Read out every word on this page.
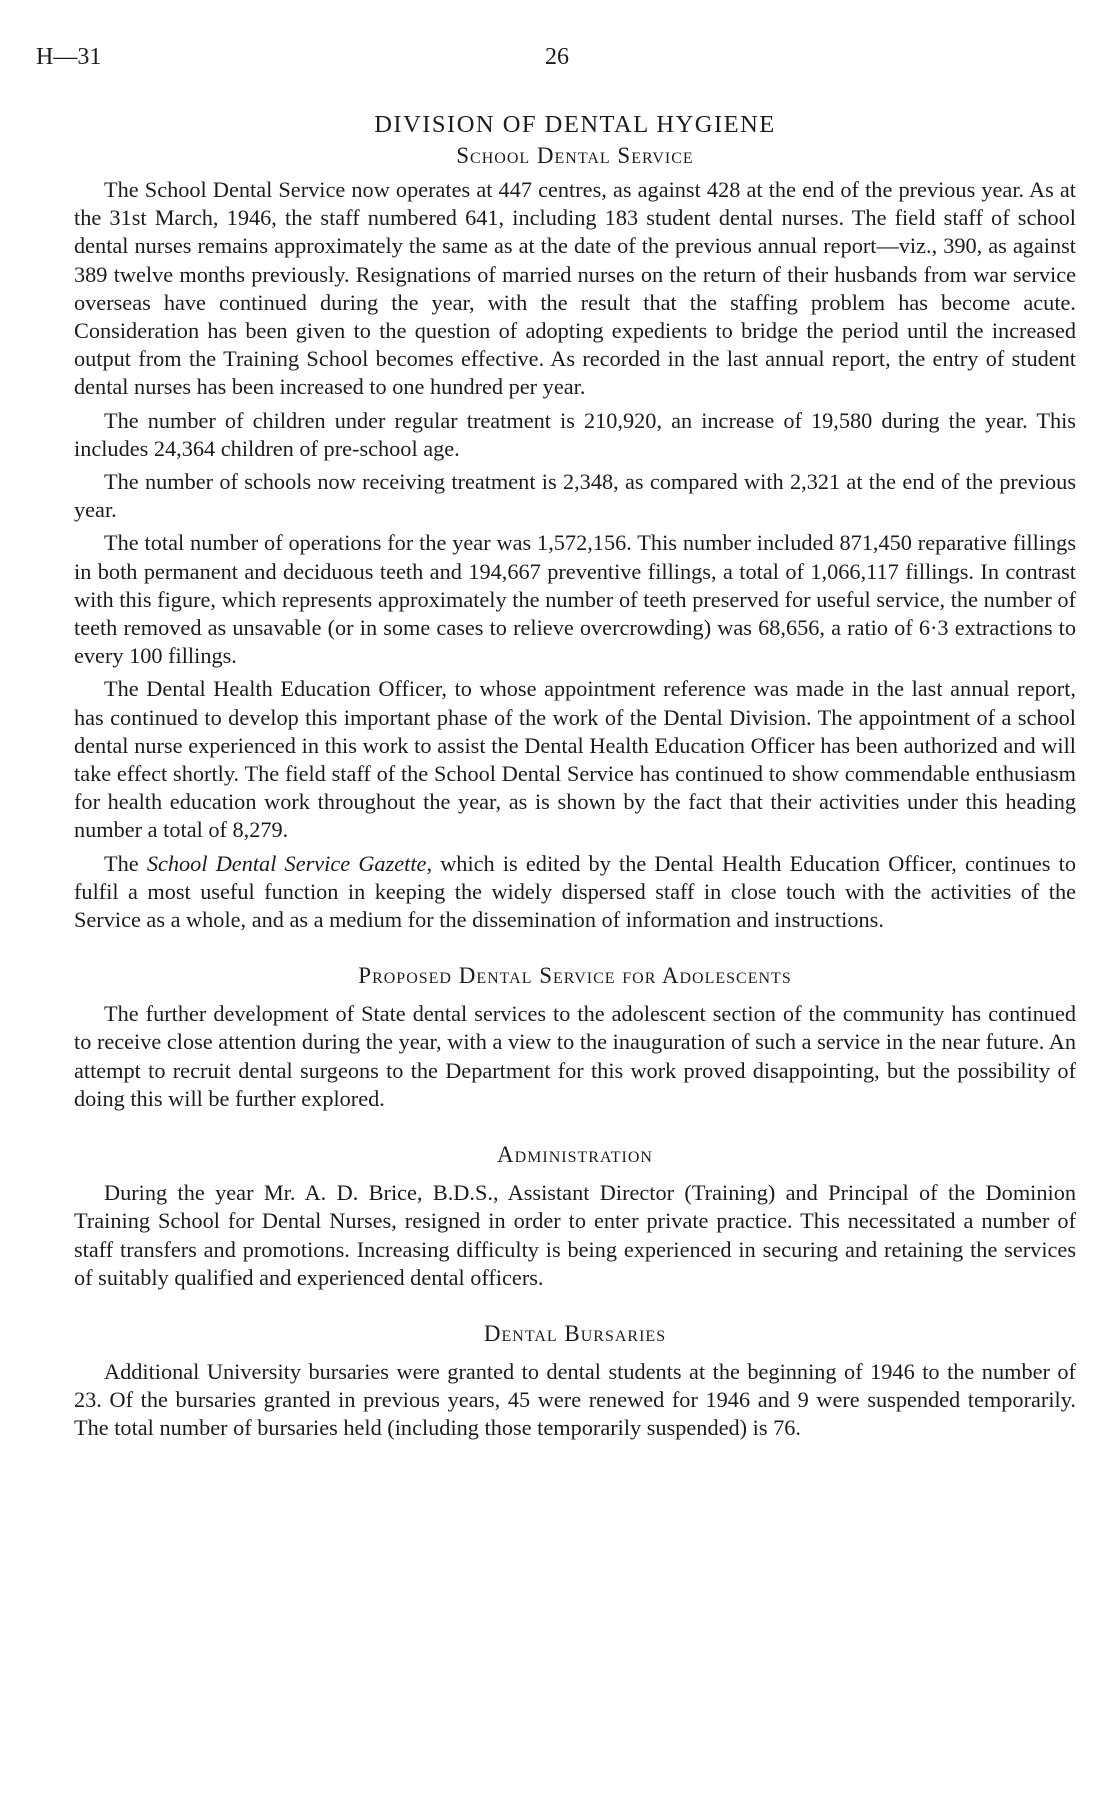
H—31	26
DIVISION OF DENTAL HYGIENE
School Dental Service

The School Dental Service now operates at 447 centres, as against 428 at the end of the previous year. As at the 31st March, 1946, the staff numbered 641, including 183 student dental nurses. The field staff of school dental nurses remains approximately the same as at the date of the previous annual report—viz., 390, as against 389 twelve months previously. Resignations of married nurses on the return of their husbands from war service overseas have continued during the year, with the result that the staffing problem has become acute. Consideration has been given to the question of adopting expedients to bridge the period until the increased output from the Training School becomes effective. As recorded in the last annual report, the entry of student dental nurses has been increased to one hundred per year.

The number of children under regular treatment is 210,920, an increase of 19,580 during the year. This includes 24,364 children of pre-school age.

The number of schools now receiving treatment is 2,348, as compared with 2,321 at the end of the previous year.

The total number of operations for the year was 1,572,156. This number included 871,450 reparative fillings in both permanent and deciduous teeth and 194,667 preventive fillings, a total of 1,066,117 fillings. In contrast with this figure, which represents approximately the number of teeth preserved for useful service, the number of teeth removed as unsavable (or in some cases to relieve overcrowding) was 68,656, a ratio of 6·3 extractions to every 100 fillings.

The Dental Health Education Officer, to whose appointment reference was made in the last annual report, has continued to develop this important phase of the work of the Dental Division. The appointment of a school dental nurse experienced in this work to assist the Dental Health Education Officer has been authorized and will take effect shortly. The field staff of the School Dental Service has continued to show commendable enthusiasm for health education work throughout the year, as is shown by the fact that their activities under this heading number a total of 8,279.

The School Dental Service Gazette, which is edited by the Dental Health Education Officer, continues to fulfil a most useful function in keeping the widely dispersed staff in close touch with the activities of the Service as a whole, and as a medium for the dissemination of information and instructions.

Proposed Dental Service for Adolescents

The further development of State dental services to the adolescent section of the community has continued to receive close attention during the year, with a view to the inauguration of such a service in the near future. An attempt to recruit dental surgeons to the Department for this work proved disappointing, but the possibility of doing this will be further explored.

Administration

During the year Mr. A. D. Brice, B.D.S., Assistant Director (Training) and Principal of the Dominion Training School for Dental Nurses, resigned in order to enter private practice. This necessitated a number of staff transfers and promotions. Increasing difficulty is being experienced in securing and retaining the services of suitably qualified and experienced dental officers.

Dental Bursaries

Additional University bursaries were granted to dental students at the beginning of 1946 to the number of 23. Of the bursaries granted in previous years, 45 were renewed for 1946 and 9 were suspended temporarily. The total number of bursaries held (including those temporarily suspended) is 76.
